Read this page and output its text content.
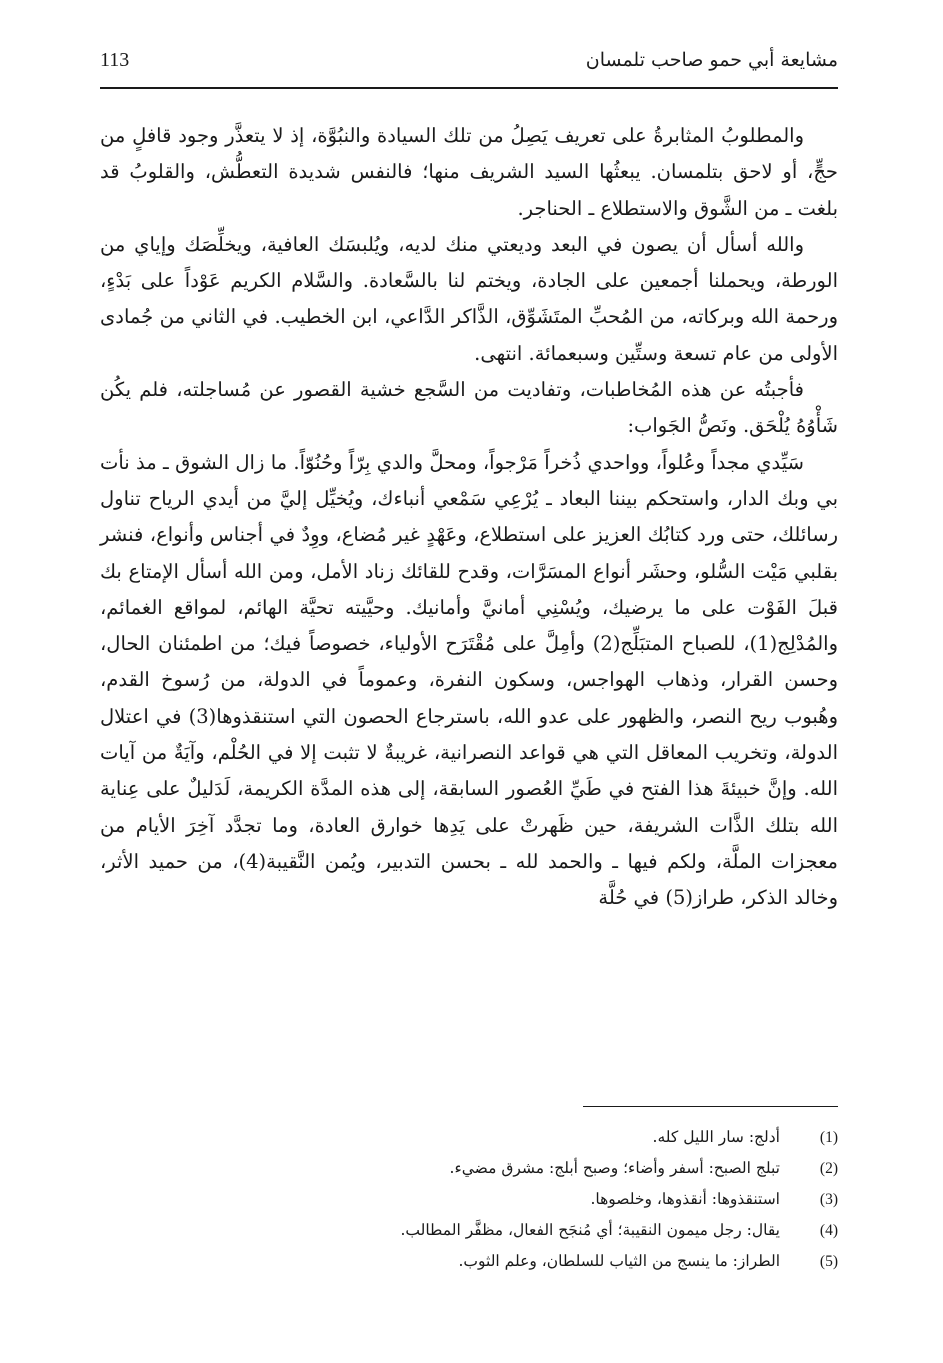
113	مشايعة أبي حمو صاحب تلمسان

والمطلوبُ المثابرةُ على تعريف يَصِلُ من تلك السيادة والنبُوَّة، إذ لا يتعذَّر وجود قافلٍ من حجٍّ، أو لاحق بتلمسان. يبعثُها السيد الشريف منها؛ فالنفس شديدة التعطُّش، والقلوبُ قد بلغت ـ من الشَّوق والاستطلاع ـ الحناجر.

والله أسأل أن يصون في البعد وديعتي منك لديه، ويُلبسَك العافية، ويخلِّصَك وإياي من الورطة، ويحملنا أجمعين على الجادة، ويختم لنا بالسَّعادة. والسَّلام الكريم عَوْداً على بَدْءٍ، ورحمة الله وبركاته، من المُحبِّ المتَشَوِّق، الذَّاكر الدَّاعي، ابن الخطيب. في الثاني من جُمادى الأولى من عام تسعة وستِّين وسبعمائة. انتهى.

فأجبتُه عن هذه المُخاطبات، وتفاديت من السَّجع خشية القصور عن مُساجلته، فلم يكُن شَأْوُهُ يُلْحَق. ونَصُّ الجَواب:

سَيِّدي مجداً وعُلواً، وواحدي ذُخراً مَرْجواً، ومحلَّ والدي بِرّاً وحُنُوّاً. ما زال الشوق ـ مذ نأت بي وبك الدار، واستحكم بيننا البعاد ـ يُرْعِي سَمْعي أنباءك، ويُخيِّل إليَّ من أيدي الرياح تناول رسائلك، حتى ورد كتابُك العزيز على استطلاع، وعَهْدٍ غير مُضاع، ووِدٌ في أجناس وأنواع، فنشر بقلبي مَيْت السُّلو، وحشَر أنواع المسَرَّات، وقدح للقائك زناد الأمل، ومن الله أسأل الإمتاع بك قبلَ الفَوْت على ما يرضيك، ويُسْنِي أمانيَّ وأمانيك. وحيَّيته تحيَّة الهائم، لمواقع الغمائم، والمُدْلِج(1)، للصباح المتبَلِّج(2) وأمِلَّ على مُقْتَرَح الأولياء، خصوصاً فيك؛ من اطمئنان الحال، وحسن القرار، وذهاب الهواجس، وسكون النفرة، وعموماً في الدولة، من رُسوخ القدم، وهُبوب ريح النصر، والظهور على عدو الله، باسترجاع الحصون التي استنقذوها(3) في اعتلال الدولة، وتخريب المعاقل التي هي قواعد النصرانية، غريبةٌ لا تثبت إلا في الحُلْم، وآيَةٌ من آيات الله. وإنَّ خبيئةَ هذا الفتح في طَيِّ العُصور السابقة، إلى هذه المدَّة الكريمة، لَدَليلٌ على عِناية الله بتلك الذَّات الشريفة، حين ظَهرتْ على يَدِها خوارق العادة، وما تجدَّد آخِرَ الأيام من معجزات الملَّة، ولكم فيها ـ والحمد لله ـ بحسن التدبير، ويُمن النَّقيبة(4)، من حميد الأثر، وخالد الذكر، طراز(5) في حُلَّة

(1)
أدلج: سار الليل كله.
(2)
تبلج الصبح: أسفر وأضاء؛ وصبح أبلج: مشرق مضيء.
(3)
استنقذوها: أنقذوها، وخلصوها.
(4)
يقال: رجل ميمون النقيبة؛ أي مُنجَح الفعال، مظفَّر المطالب.
(5)
الطراز: ما ينسج من الثياب للسلطان، وعلم الثوب.
